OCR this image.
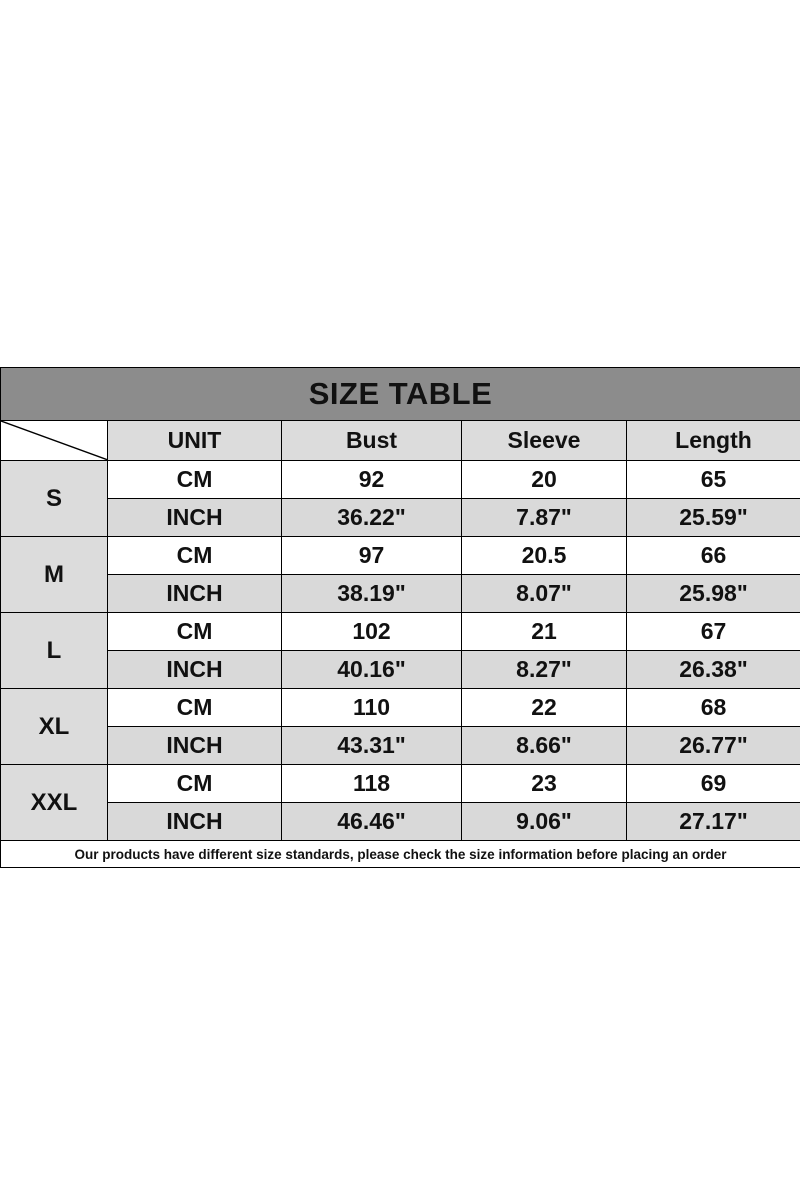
SIZE TABLE				

	UNIT	Bust	Sleeve	Length
S	CM	92	20	65
	INCH	36.22"	7.87"	25.59"
M	CM	97	20.5	66
	INCH	38.19"	8.07"	25.98"
L	CM	102	21	67
	INCH	40.16"	8.27"	26.38"
XL	CM	110	22	68
	INCH	43.31"	8.66"	26.77"
XXL	CM	118	23	69
	INCH	46.46"	9.06"	27.17"
Our products have different size standards, please check the size information before placing an order				
